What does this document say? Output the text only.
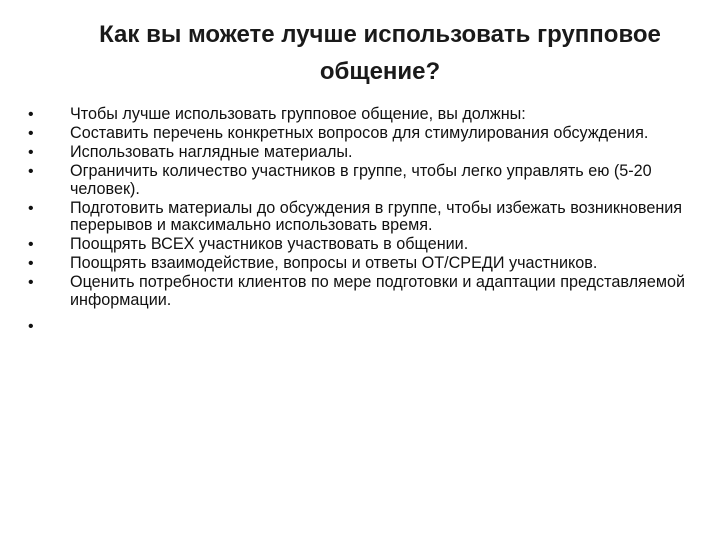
Как вы можете лучше использовать групповое
общение?
•	Чтобы лучше использовать групповое общение, вы должны:
•	Составить перечень конкретных вопросов для стимулирования обсуждения.
•	Использовать наглядные материалы.
•	Ограничить количество участников в группе, чтобы легко управлять ею (5-20 человек).
•	Подготовить материалы до обсуждения в группе, чтобы избежать возникновения перерывов и максимально использовать время.
•	Поощрять ВСЕХ участников участвовать в общении.
•	Поощрять взаимодействие, вопросы и ответы ОТ/СРЕДИ участников.
•	Оценить потребности клиентов по мере подготовки и адаптации представляемой информации.
•
